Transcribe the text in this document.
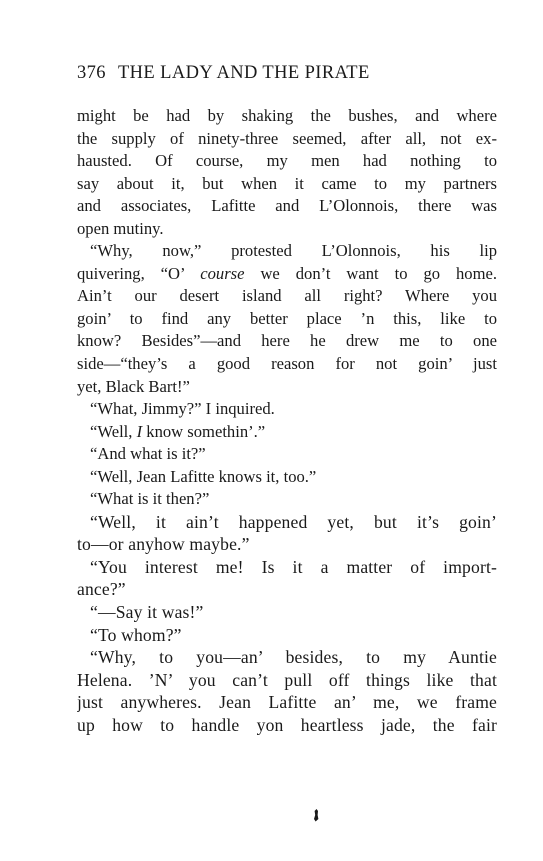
376 THE LADY AND THE PIRATE
might be had by shaking the bushes, and where
the supply of ninety-three seemed, after all, not ex-
hausted. Of course, my men had nothing to
say about it, but when it came to my partners
and associates, Lafitte and L’Olonnois, there was
open mutiny.
“Why, now,” protested L’Olonnois, his lip
quivering, “O’ course we don’t want to go home.
Ain’t our desert island all right? Where you
goin’ to find any better place ’n this, like to
know? Besides”—and here he drew me to one
side—“they’s a good reason for not goin’ just
yet, Black Bart!”
“What, Jimmy?” I inquired.
“Well, I know somethin’.”
“And what is it?”
“Well, Jean Lafitte knows it, too.”
“What is it then?”
“Well, it ain’t happened yet, but it’s goin’
to—or anyhow maybe.”
“You interest me! Is it a matter of import-
ance?”
“—Say it was!”
“To whom?”
“Why, to you—an’ besides, to my Auntie
Helena. ’N’ you can’t pull off things like that
just anywheres. Jean Lafitte an’ me, we frame
up how to handle yon heartless jade, the fair
